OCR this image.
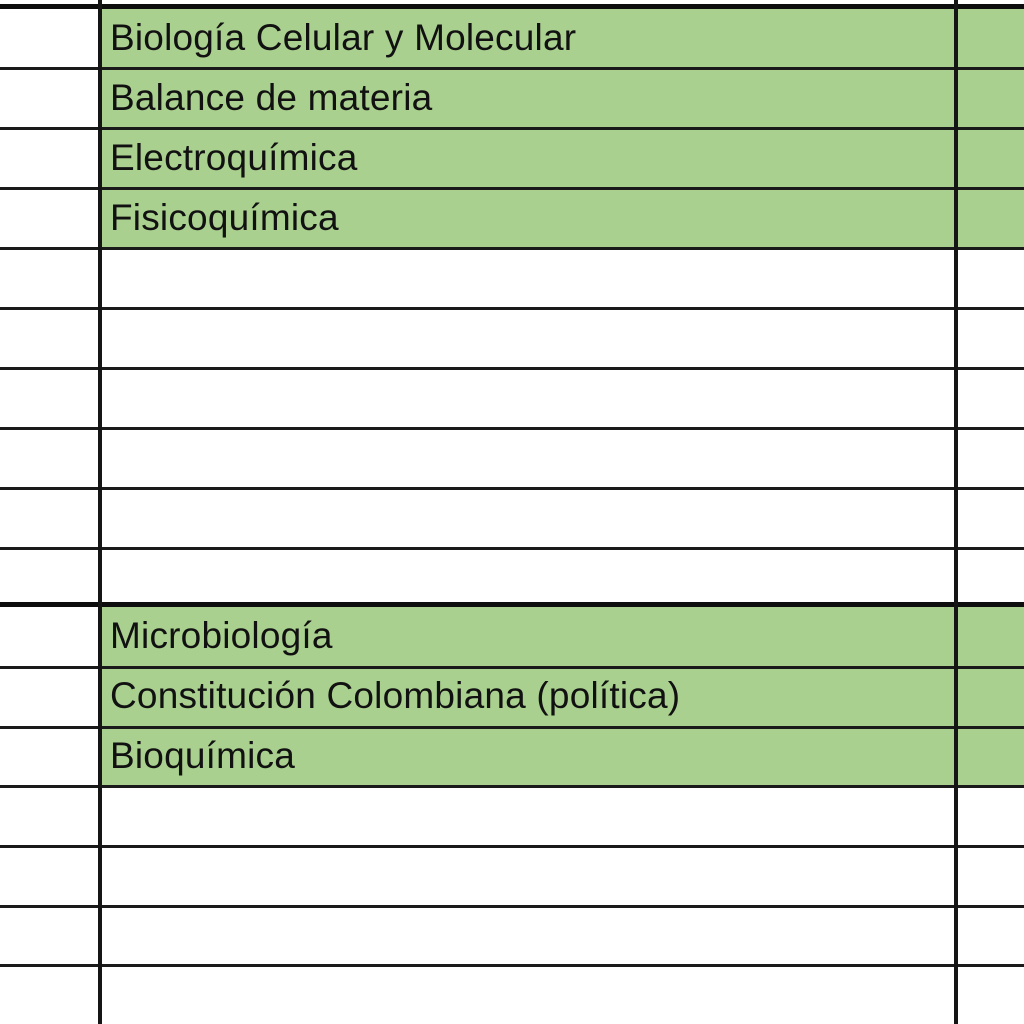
Biología Celular y Molecular
Balance de materia
Electroquímica
Fisicoquímica
Microbiología
Constitución Colombiana (política)
Bioquímica
